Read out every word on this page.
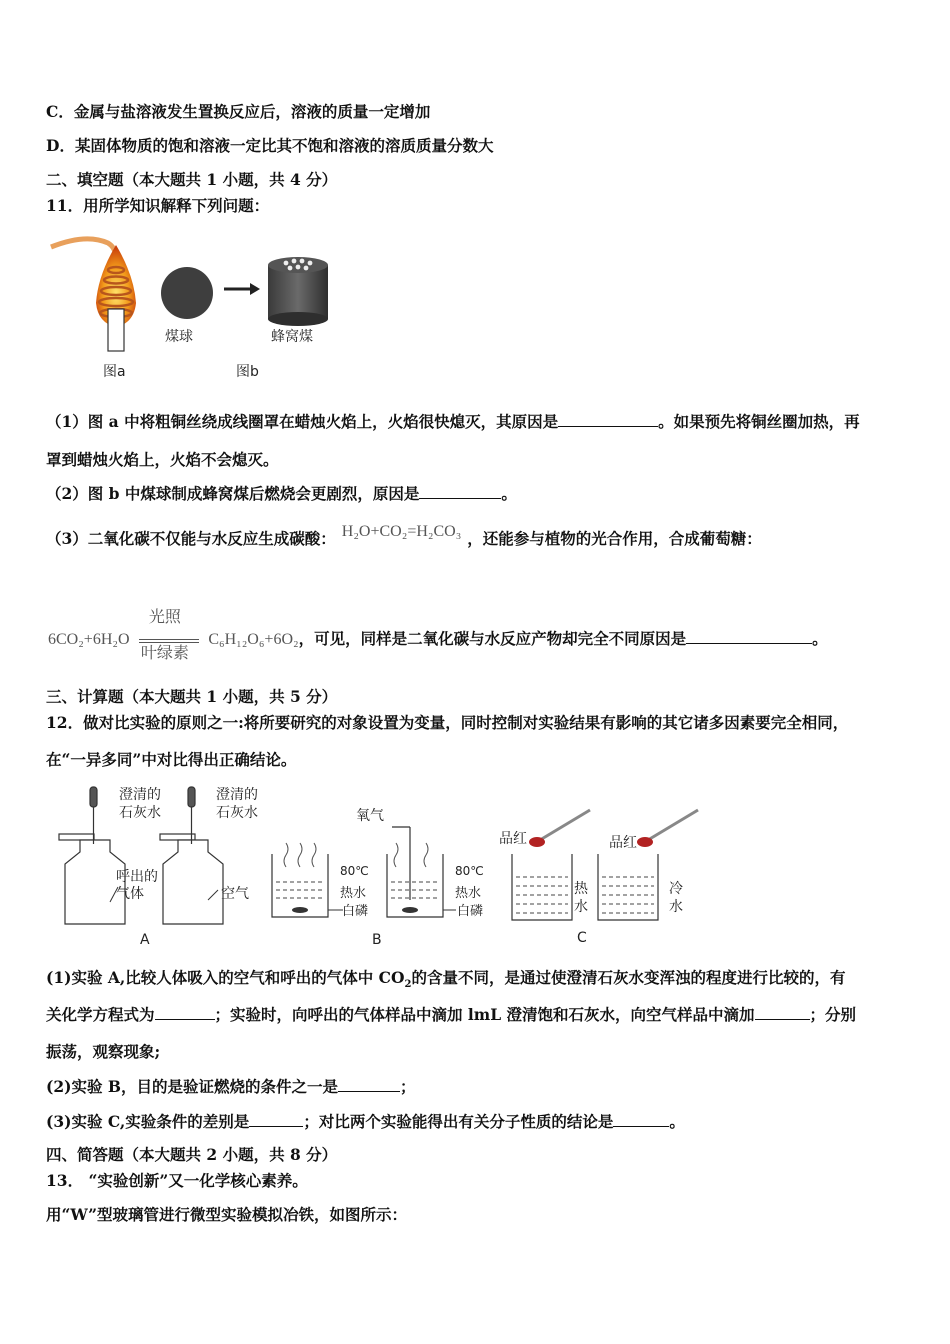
C．金属与盐溶液发生置换反应后，溶液的质量一定增加
D．某固体物质的饱和溶液一定比其不饱和溶液的溶质质量分数大
二、填空题（本大题共 1 小题，共 4 分）
11．用所学知识解释下列问题：
煤球	蜂窝煤
图a	图b
（1）图 a 中将粗铜丝绕成线圈罩在蜡烛火焰上，火焰很快熄灭，其原因是	。如果预先将铜丝圈加热，再
罩到蜡烛火焰上，火焰不会熄灭。
（2）图 b 中煤球制成蜂窝煤后燃烧会更剧烈，原因是	。
（3）二氧化碳不仅能与水反应生成碳酸： H₂O+CO₂=H₂CO₃ ，还能参与植物的光合作用，合成葡萄糖：
6CO₂+6H₂O
光照
叶绿素
C₆H₁₂O₆+6O₂，可见，同样是二氧化碳与水反应产物却完全不同原因是	。
三、计算题（本大题共 1 小题，共 5 分）
12．做对比实验的原则之一:将所要研究的对象设置为变量，同时控制对实验结果有影响的其它诸多因素要完全相同，
在“一异多同”中对比得出正确结论。
澄清的
石灰水
澄清的
石灰水
呼出的
气体	空气
氧气
80℃
热水
白磷
80℃
热水
白磷
品红	品红
热
水
冷
水
A	B	C
(1)实验 A,比较人体吸入的空气和呼出的气体中 $CO_2$的含量不同，是通过使澄清石灰水变浑浊的程度进行比较的，有
关化学方程式为	；实验时，向呼出的气体样品中滴加 lmL 澄清饱和石灰水，向空气样品中滴加	；分别
振荡，观察现象;
(2)实验 B，目的是验证燃烧的条件之一是	；
(3)实验 C,实验条件的差别是	；对比两个实验能得出有关分子性质的结论是	。
四、简答题（本大题共 2 小题，共 8 分）
13． “实验创新”又一化学核心素养。
用“W”型玻璃管进行微型实验模拟冶铁，如图所示：
